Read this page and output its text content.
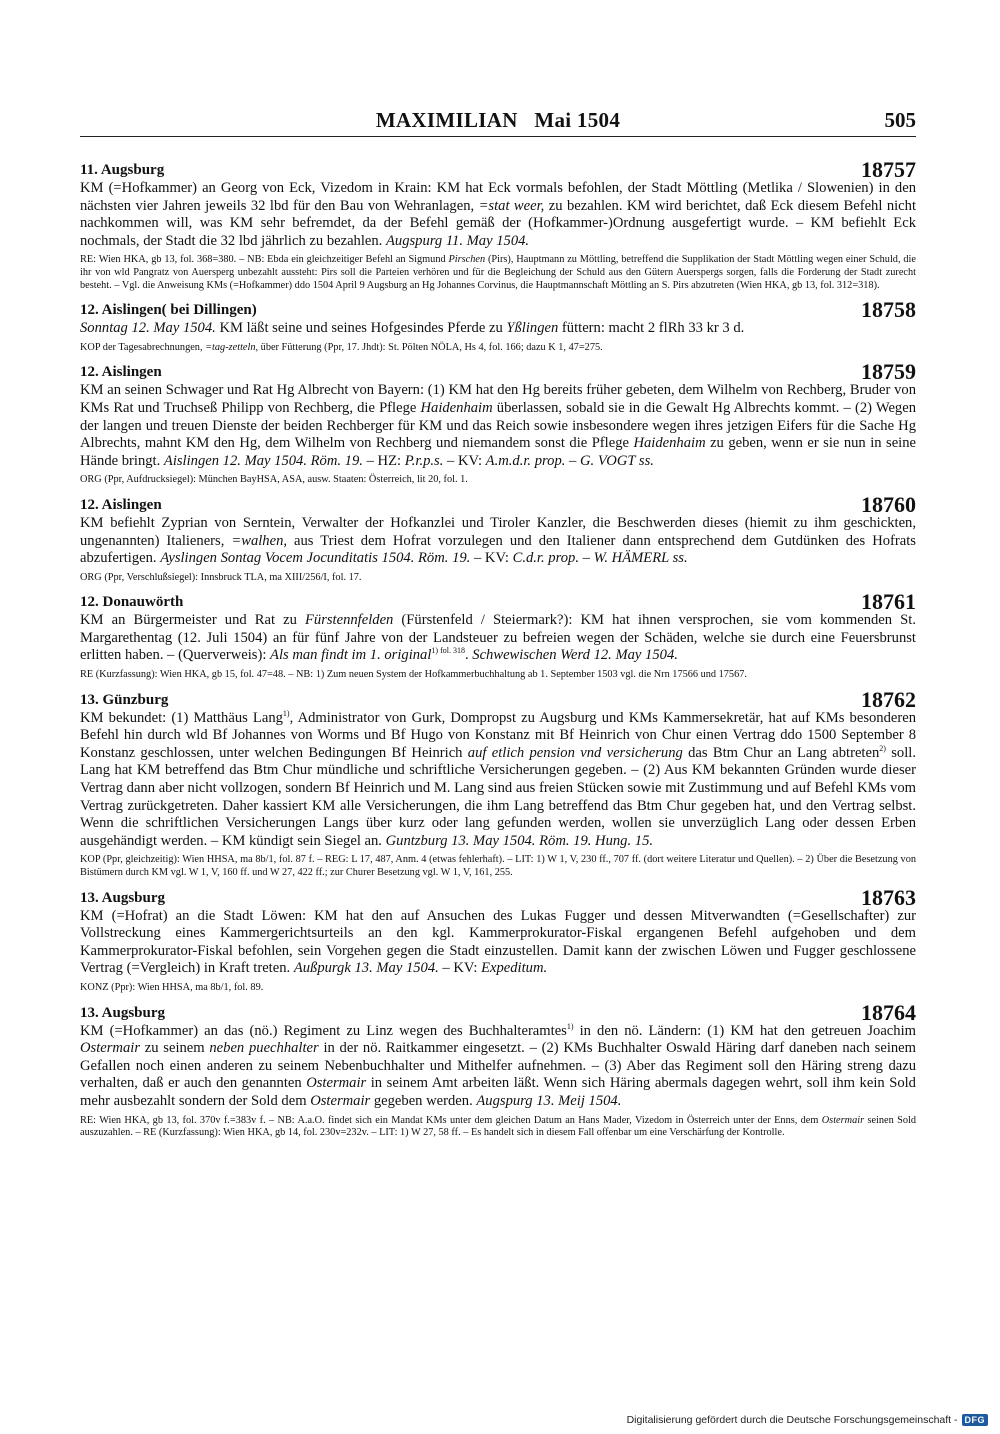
MAXIMILIAN   Mai 1504	505
11. Augsburg	18757
KM (=Hofkammer) an Georg von Eck, Vizedom in Krain: KM hat Eck vormals befohlen, der Stadt Möttling (Metlika / Slowenien) in den nächsten vier Jahren jeweils 32 lbd für den Bau von Wehranlagen, =stat weer, zu bezahlen. KM wird berichtet, daß Eck diesem Befehl nicht nachkommen will, was KM sehr befremdet, da der Befehl gemäß der (Hofkammer-)Ordnung ausgefertigt wurde. – KM befiehlt Eck nochmals, der Stadt die 32 lbd jährlich zu bezahlen. Augspurg 11. May 1504.
RE: Wien HKA, gb 13, fol. 368=380. – NB: Ebda ein gleichzeitiger Befehl an Sigmund Pirschen (Pirs), Hauptmann zu Möttling, betreffend die Supplikation der Stadt Möttling wegen einer Schuld, die ihr von wld Pangratz von Auersperg unbezahlt aussteht: Pirs soll die Parteien verhören und für die Begleichung der Schuld aus den Gütern Auerspergs sorgen, falls die Forderung der Stadt zurecht besteht. – Vgl. die Anweisung KMs (=Hofkammer) ddo 1504 April 9 Augsburg an Hg Johannes Corvinus, die Hauptmannschaft Möttling an S. Pirs abzutreten (Wien HKA, gb 13, fol. 312=318).
12. Aislingen( bei Dillingen)	18758
Sonntag 12. May 1504. KM läßt seine und seines Hofgesindes Pferde zu Yßlingen füttern: macht 2 flRh 33 kr 3 d.
KOP der Tagesabrechnungen, =tag-zetteln, über Fütterung (Ppr, 17. Jhdt): St. Pölten NÖLA, Hs 4, fol. 166; dazu K 1, 47=275.
12. Aislingen	18759
KM an seinen Schwager und Rat Hg Albrecht von Bayern: (1) KM hat den Hg bereits früher gebeten, dem Wilhelm von Rechberg, Bruder von KMs Rat und Truchseß Philipp von Rechberg, die Pflege Haidenhaim überlassen, sobald sie in die Gewalt Hg Albrechts kommt. – (2) Wegen der langen und treuen Dienste der beiden Rechberger für KM und das Reich sowie insbesondere wegen ihres jetzigen Eifers für die Sache Hg Albrechts, mahnt KM den Hg, dem Wilhelm von Rechberg und niemandem sonst die Pflege Haidenhaim zu geben, wenn er sie nun in seine Hände bringt. Aislingen 12. May 1504. Röm. 19. – HZ: P.r.p.s. – KV: A.m.d.r. prop. – G. VOGT ss.
ORG (Ppr, Aufdrucksiegel): München BayHSA, ASA, ausw. Staaten: Österreich, lit 20, fol. 1.
12. Aislingen	18760
KM befiehlt Zyprian von Serntein, Verwalter der Hofkanzlei und Tiroler Kanzler, die Beschwerden dieses (hiemit zu ihm geschickten, ungenannten) Italieners, =walhen, aus Triest dem Hofrat vorzulegen und den Italiener dann entsprechend dem Gutdünken des Hofrats abzufertigen. Ayslingen Sontag Vocem Jocunditatis 1504. Röm. 19. – KV: C.d.r. prop. – W. HÄMERL ss.
ORG (Ppr, Verschlußsiegel): Innsbruck TLA, ma XIII/256/I, fol. 17.
12. Donauwörth	18761
KM an Bürgermeister und Rat zu Fürstennfelden (Fürstenfeld / Steiermark?): KM hat ihnen versprochen, sie vom kommenden St. Margarethentag (12. Juli 1504) an für fünf Jahre von der Landsteuer zu befreien wegen der Schäden, welche sie durch eine Feuersbrunst erlitten haben. – (Querverweis): Als man findt im 1. original$^{1) fol. 318}$. Schwewischen Werd 12. May 1504.
RE (Kurzfassung): Wien HKA, gb 15, fol. 47=48. – NB: 1) Zum neuen System der Hofkammerbuchhaltung ab 1. September 1503 vgl. die Nrn 17566 und 17567.
13. Günzburg	18762
KM bekundet: (1) Matthäus Lang$^{1)}$, Administrator von Gurk, Dompropst zu Augsburg und KMs Kammersekretär, hat auf KMs besonderen Befehl hin durch wld Bf Johannes von Worms und Bf Hugo von Konstanz mit Bf Heinrich von Chur einen Vertrag ddo 1500 September 8 Konstanz geschlossen, unter welchen Bedingungen Bf Heinrich auf etlich pension vnd versicherung das Btm Chur an Lang abtreten$^{2)}$ soll. Lang hat KM betreffend das Btm Chur mündliche und schriftliche Versicherungen gegeben. – (2) Aus KM bekannten Gründen wurde dieser Vertrag dann aber nicht vollzogen, sondern Bf Heinrich und M. Lang sind aus freien Stücken sowie mit Zustimmung und auf Befehl KMs vom Vertrag zurückgetreten. Daher kassiert KM alle Versicherungen, die ihm Lang betreffend das Btm Chur gegeben hat, und den Vertrag selbst. Wenn die schriftlichen Versicherungen Langs über kurz oder lang gefunden werden, wollen sie unverzüglich Lang oder dessen Erben ausgehändigt werden. – KM kündigt sein Siegel an. Guntzburg 13. May 1504. Röm. 19. Hung. 15.
KOP (Ppr, gleichzeitig): Wien HHSA, ma 8b/1, fol. 87 f. – REG: L 17, 487, Anm. 4 (etwas fehlerhaft). – LIT: 1) W 1, V, 230 ff., 707 ff. (dort weitere Literatur und Quellen). – 2) Über die Besetzung von Bistümern durch KM vgl. W 1, V, 160 ff. und W 27, 422 ff.; zur Churer Besetzung vgl. W 1, V, 161, 255.
13. Augsburg	18763
KM (=Hofrat) an die Stadt Löwen: KM hat den auf Ansuchen des Lukas Fugger und dessen Mitverwandten (=Gesellschafter) zur Vollstreckung eines Kammergerichtsurteils an den kgl. Kammerprokurator-Fiskal ergangenen Befehl aufgehoben und dem Kammerprokurator-Fiskal befohlen, sein Vorgehen gegen die Stadt einzustellen. Damit kann der zwischen Löwen und Fugger geschlossene Vertrag (=Vergleich) in Kraft treten. Außpurgk 13. May 1504. – KV: Expeditum.
KONZ (Ppr): Wien HHSA, ma 8b/1, fol. 89.
13. Augsburg	18764
KM (=Hofkammer) an das (nö.) Regiment zu Linz wegen des Buchhalteramtes$^{1)}$ in den nö. Ländern: (1) KM hat den getreuen Joachim Ostermair zu seinem neben puechhalter in der nö. Raitkammer eingesetzt. – (2) KMs Buchhalter Oswald Häring darf daneben nach seinem Gefallen noch einen anderen zu seinem Nebenbuchhalter und Mithelfer aufnehmen. – (3) Aber das Regiment soll den Häring streng dazu verhalten, daß er auch den genannten Ostermair in seinem Amt arbeiten läßt. Wenn sich Häring abermals dagegen wehrt, soll ihm kein Sold mehr ausbezahlt sondern der Sold dem Ostermair gegeben werden. Augspurg 13. Meij 1504.
RE: Wien HKA, gb 13, fol. 370v f.=383v f. – NB: A.a.O. findet sich ein Mandat KMs unter dem gleichen Datum an Hans Mader, Vizedom in Österreich unter der Enns, dem Ostermair seinen Sold auszuzahlen. – RE (Kurzfassung): Wien HKA, gb 14, fol. 230v=232v. – LIT: 1) W 27, 58 ff. – Es handelt sich in diesem Fall offenbar um eine Verschärfung der Kontrolle.
Digitalisierung gefördert durch die Deutsche Forschungsgemeinschaft - DFG
